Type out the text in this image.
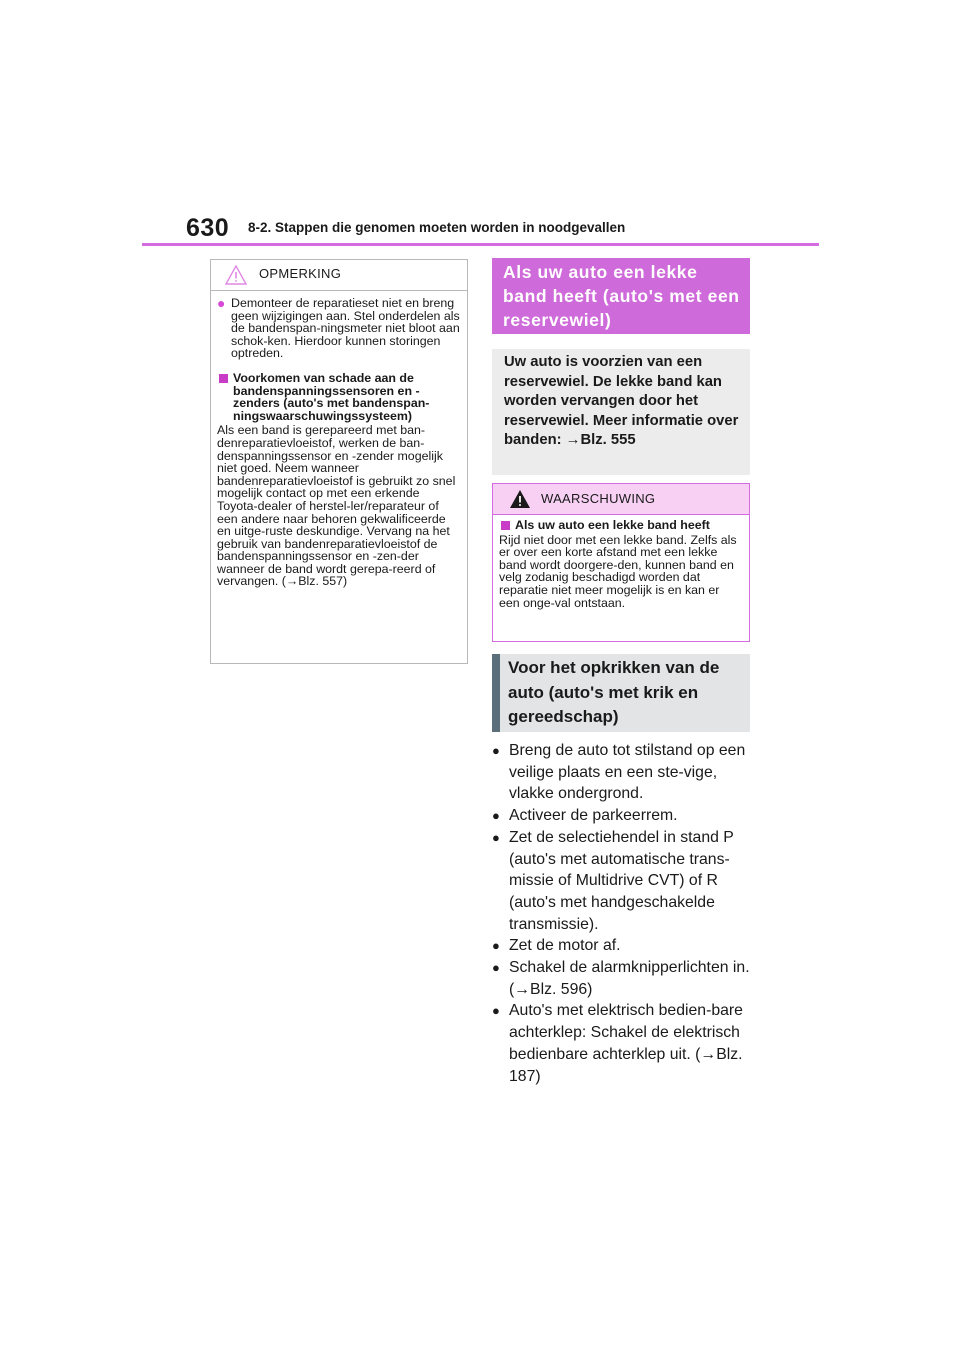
630 8-2. Stappen die genomen moeten worden in noodgevallen
OPMERKING
● Demonteer de reparatieset niet en breng geen wijzigingen aan. Stel onderdelen als de bandenspan-ningsmeter niet bloot aan schok-ken. Hierdoor kunnen storingen optreden.
Voorkomen van schade aan de bandenspanningssensoren en -zenders (auto's met bandenspan-ningswaarschuwingssysteem)
Als een band is gerepareerd met ban-denreparatievloeistof, werken de ban-denspanningssensor en -zender mogelijk niet goed. Neem wanneer bandenreparatievloeistof is gebruikt zo snel mogelijk contact op met een erkende Toyota-dealer of herstel-ler/reparateur of een andere naar behoren gekwalificeerde en uitge-ruste deskundige. Vervang na het gebruik van bandenreparatievloeistof de bandenspanningssensor en -zen-der wanneer de band wordt gerepa-reerd of vervangen. (→Blz. 557)
Als uw auto een lekke band heeft (auto's met een reservewiel)
Uw auto is voorzien van een reservewiel. De lekke band kan worden vervangen door het reservewiel. Meer informatie over banden: →Blz. 555
WAARSCHUWING
Als uw auto een lekke band heeft
Rijd niet door met een lekke band. Zelfs als er over een korte afstand met een lekke band wordt doorgere-den, kunnen band en velg zodanig beschadigd worden dat reparatie niet meer mogelijk is en kan er een onge-val ontstaan.
Voor het opkrikken van de auto (auto's met krik en gereedschap)
● Breng de auto tot stilstand op een veilige plaats en een ste-vige, vlakke ondergrond.
● Activeer de parkeerrem.
● Zet de selectiehendel in stand P (auto's met automatische trans-missie of Multidrive CVT) of R (auto's met handgeschakelde transmissie).
● Zet de motor af.
● Schakel de alarmknipperlichten in. (→Blz. 596)
● Auto's met elektrisch bedien-bare achterklep: Schakel de elektrisch bedienbare achterklep uit. (→Blz. 187)
